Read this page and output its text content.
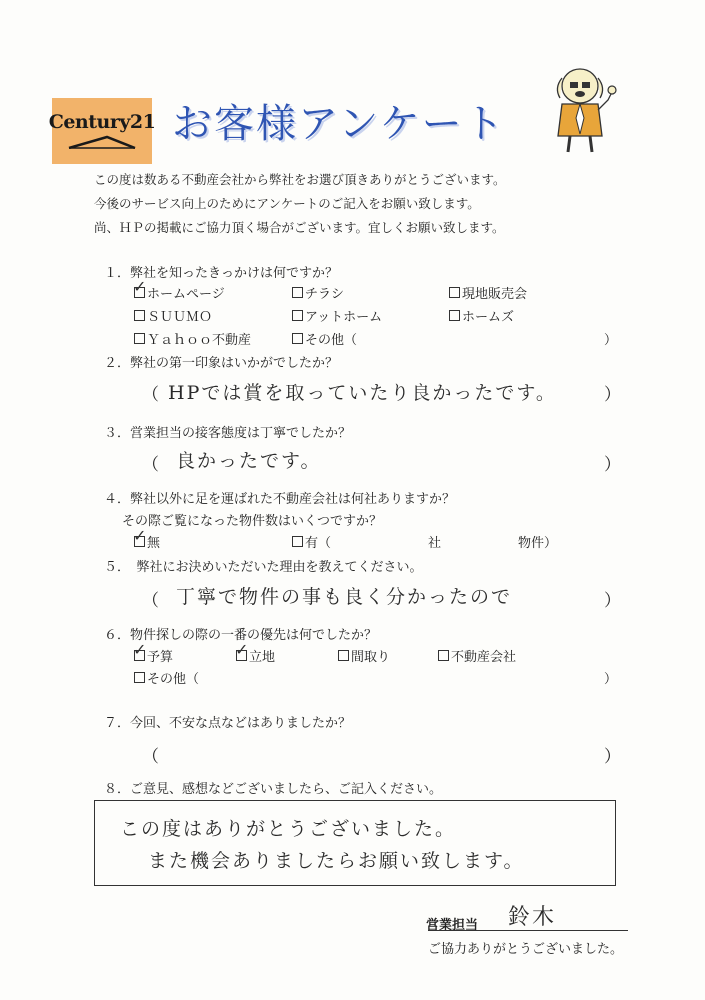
Century21 お客様アンケート
この度は数ある不動産会社から弊社をお選び頂きありがとうございます。
今後のサービス向上のためにアンケートのご記入をお願い致します。
尚、ＨＰの掲載にご協力頂く場合がございます。宜しくお願い致します。
１．弊社を知ったきっかけは何ですか？
✓ ホームページ	チラシ	現地販売会
ＳＵＵＭＯ	アットホーム	ホームズ
Ｙａｈｏｏ不動産	その他（	）
２．弊社の第一印象はいかがでしたか？
（ HPでは賞を取っていたり良かったです。	）
３．営業担当の接客態度は丁寧でしたか？
（ 良かったです。	）
４．弊社以外に足を運ばれた不動産会社は何社ありますか？
その際ご覧になった物件数はいくつですか？
✓ 無	有（	社	物件）
５．　弊社にお決めいただいた理由を教えてください。
（ 丁寧で物件の事も良く分かったので	）
６．物件探しの際の一番の優先は何でしたか？
✓ 予算	✓ 立地	間取り	不動産会社
その他（	）
７．今回、不安な点などはありましたか？
（	）
８．ご意見、感想などございましたら、ご記入ください。
この度はありがとうございました。
また機会ありましたらお願い致します。
営業担当 鈴木
ご協力ありがとうございました。
